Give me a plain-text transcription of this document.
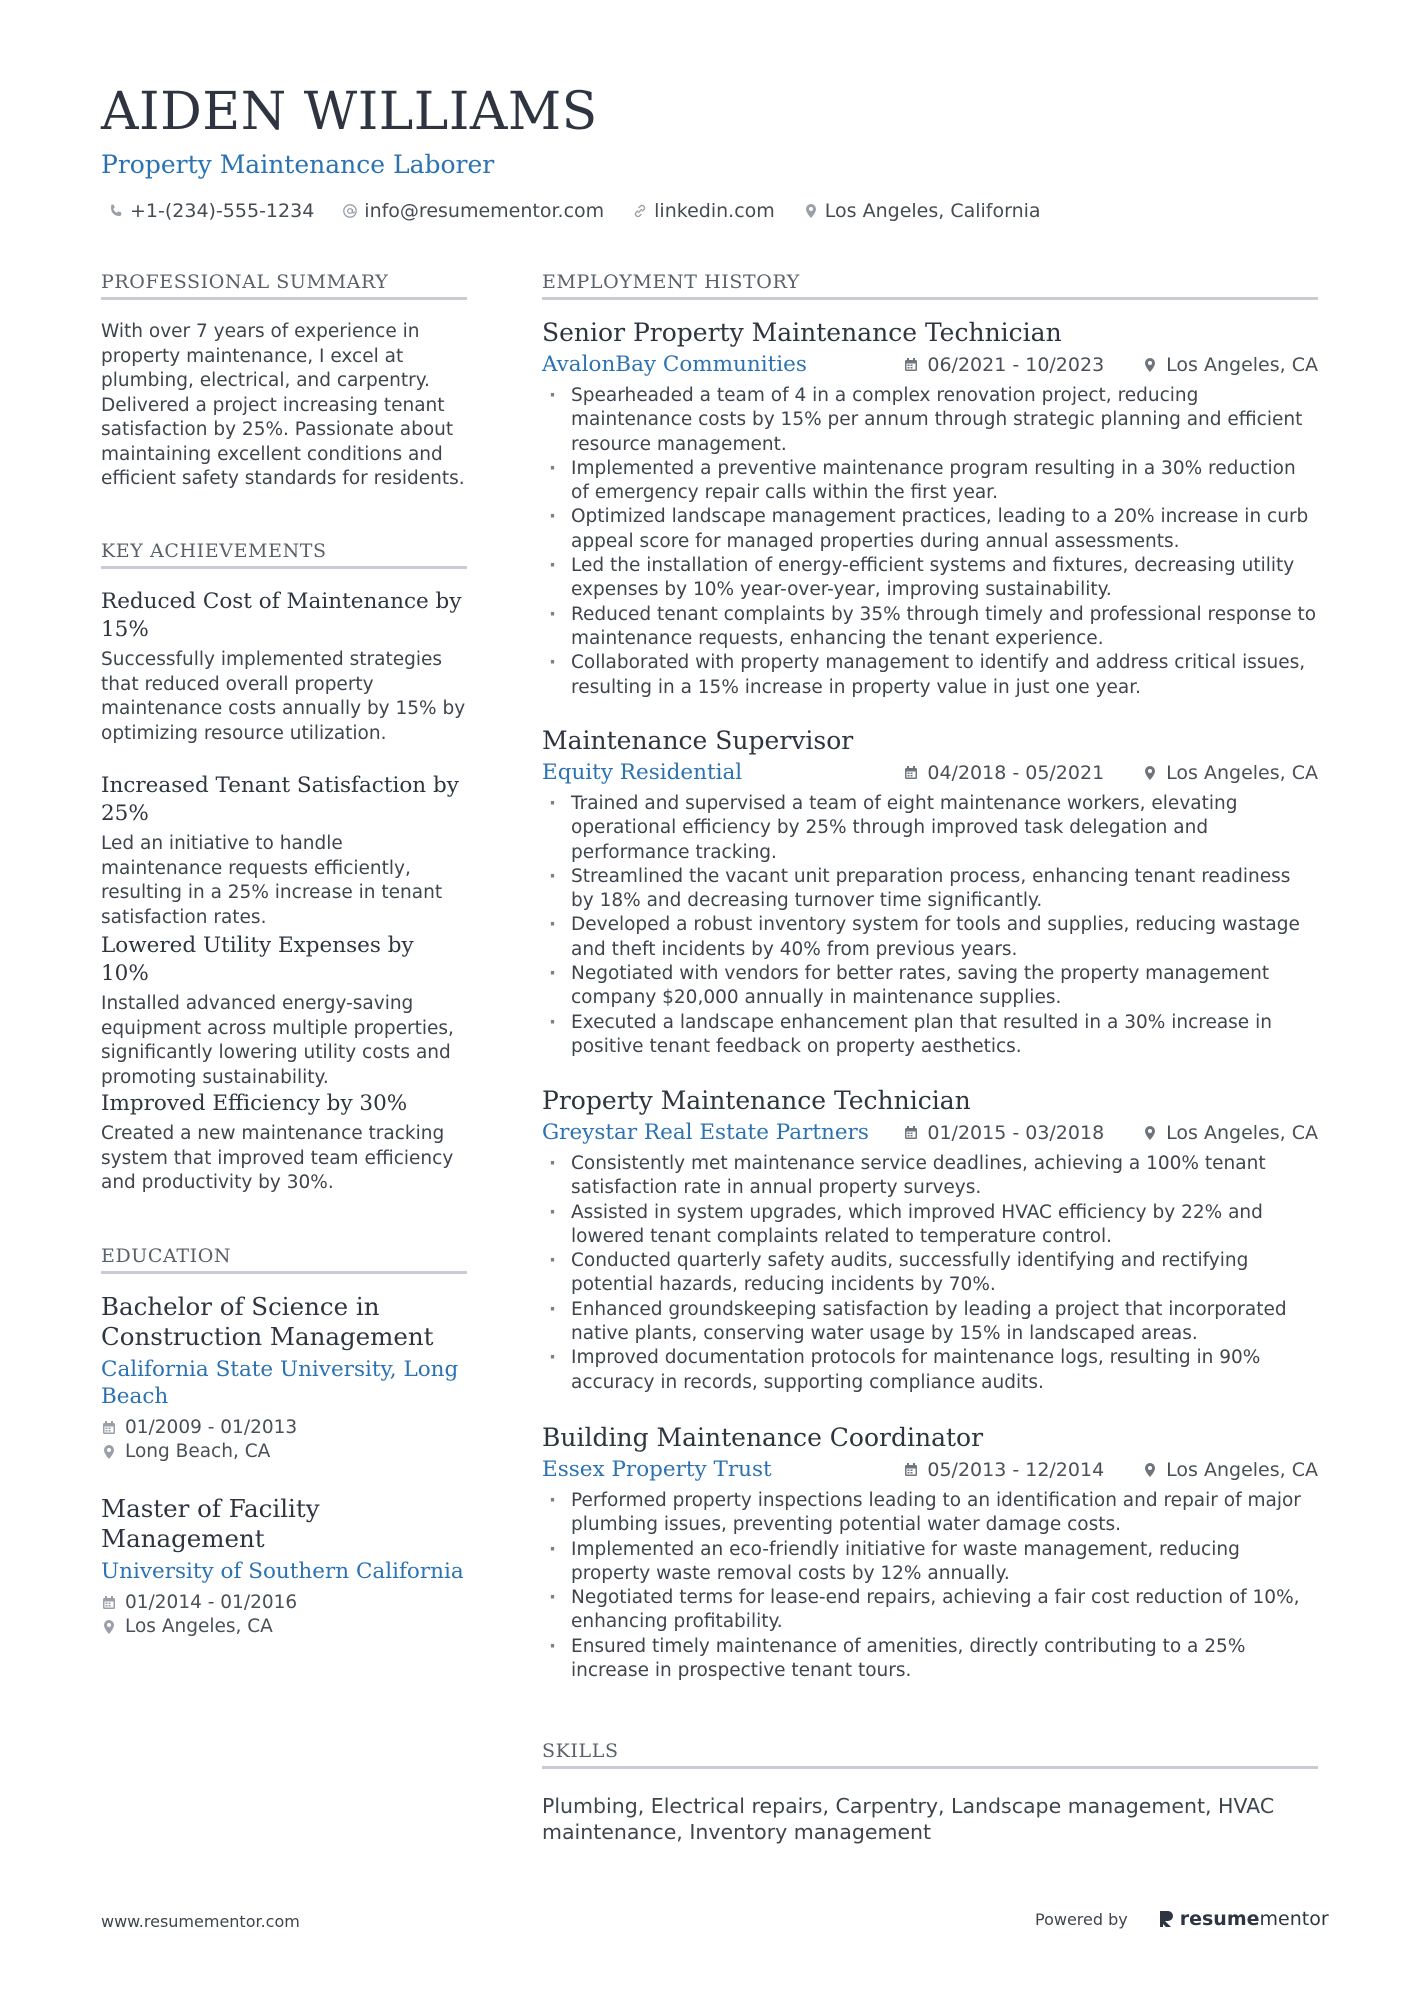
AIDEN WILLIAMS
Property Maintenance Laborer
+1-(234)-555-1234	info@resumementor.com	linkedin.com	Los Angeles, California
PROFESSIONAL SUMMARY
With over 7 years of experience in property maintenance, I excel at plumbing, electrical, and carpentry. Delivered a project increasing tenant satisfaction by 25%. Passionate about maintaining excellent conditions and efficient safety standards for residents.
KEY ACHIEVEMENTS
Reduced Cost of Maintenance by 15%
Successfully implemented strategies that reduced overall property maintenance costs annually by 15% by optimizing resource utilization.
Increased Tenant Satisfaction by 25%
Led an initiative to handle maintenance requests efficiently, resulting in a 25% increase in tenant satisfaction rates.
Lowered Utility Expenses by 10%
Installed advanced energy-saving equipment across multiple properties, significantly lowering utility costs and promoting sustainability.
Improved Efficiency by 30%
Created a new maintenance tracking system that improved team efficiency and productivity by 30%.
EDUCATION
Bachelor of Science in Construction Management
California State University, Long Beach
01/2009 - 01/2013
Long Beach, CA
Master of Facility Management
University of Southern California
01/2014 - 01/2016
Los Angeles, CA
EMPLOYMENT HISTORY
Senior Property Maintenance Technician
AvalonBay Communities	06/2021 - 10/2023	Los Angeles, CA
· Spearheaded a team of 4 in a complex renovation project, reducing maintenance costs by 15% per annum through strategic planning and efficient resource management.
· Implemented a preventive maintenance program resulting in a 30% reduction of emergency repair calls within the first year.
· Optimized landscape management practices, leading to a 20% increase in curb appeal score for managed properties during annual assessments.
· Led the installation of energy-efficient systems and fixtures, decreasing utility expenses by 10% year-over-year, improving sustainability.
· Reduced tenant complaints by 35% through timely and professional response to maintenance requests, enhancing the tenant experience.
· Collaborated with property management to identify and address critical issues, resulting in a 15% increase in property value in just one year.
Maintenance Supervisor
Equity Residential	04/2018 - 05/2021	Los Angeles, CA
· Trained and supervised a team of eight maintenance workers, elevating operational efficiency by 25% through improved task delegation and performance tracking.
· Streamlined the vacant unit preparation process, enhancing tenant readiness by 18% and decreasing turnover time significantly.
· Developed a robust inventory system for tools and supplies, reducing wastage and theft incidents by 40% from previous years.
· Negotiated with vendors for better rates, saving the property management company $20,000 annually in maintenance supplies.
· Executed a landscape enhancement plan that resulted in a 30% increase in positive tenant feedback on property aesthetics.
Property Maintenance Technician
Greystar Real Estate Partners	01/2015 - 03/2018	Los Angeles, CA
· Consistently met maintenance service deadlines, achieving a 100% tenant satisfaction rate in annual property surveys.
· Assisted in system upgrades, which improved HVAC efficiency by 22% and lowered tenant complaints related to temperature control.
· Conducted quarterly safety audits, successfully identifying and rectifying potential hazards, reducing incidents by 70%.
· Enhanced groundskeeping satisfaction by leading a project that incorporated native plants, conserving water usage by 15% in landscaped areas.
· Improved documentation protocols for maintenance logs, resulting in 90% accuracy in records, supporting compliance audits.
Building Maintenance Coordinator
Essex Property Trust	05/2013 - 12/2014	Los Angeles, CA
· Performed property inspections leading to an identification and repair of major plumbing issues, preventing potential water damage costs.
· Implemented an eco-friendly initiative for waste management, reducing property waste removal costs by 12% annually.
· Negotiated terms for lease-end repairs, achieving a fair cost reduction of 10%, enhancing profitability.
· Ensured timely maintenance of amenities, directly contributing to a 25% increase in prospective tenant tours.
SKILLS
Plumbing, Electrical repairs, Carpentry, Landscape management, HVAC maintenance, Inventory management
www.resumementor.com	Powered by	resume mentor
